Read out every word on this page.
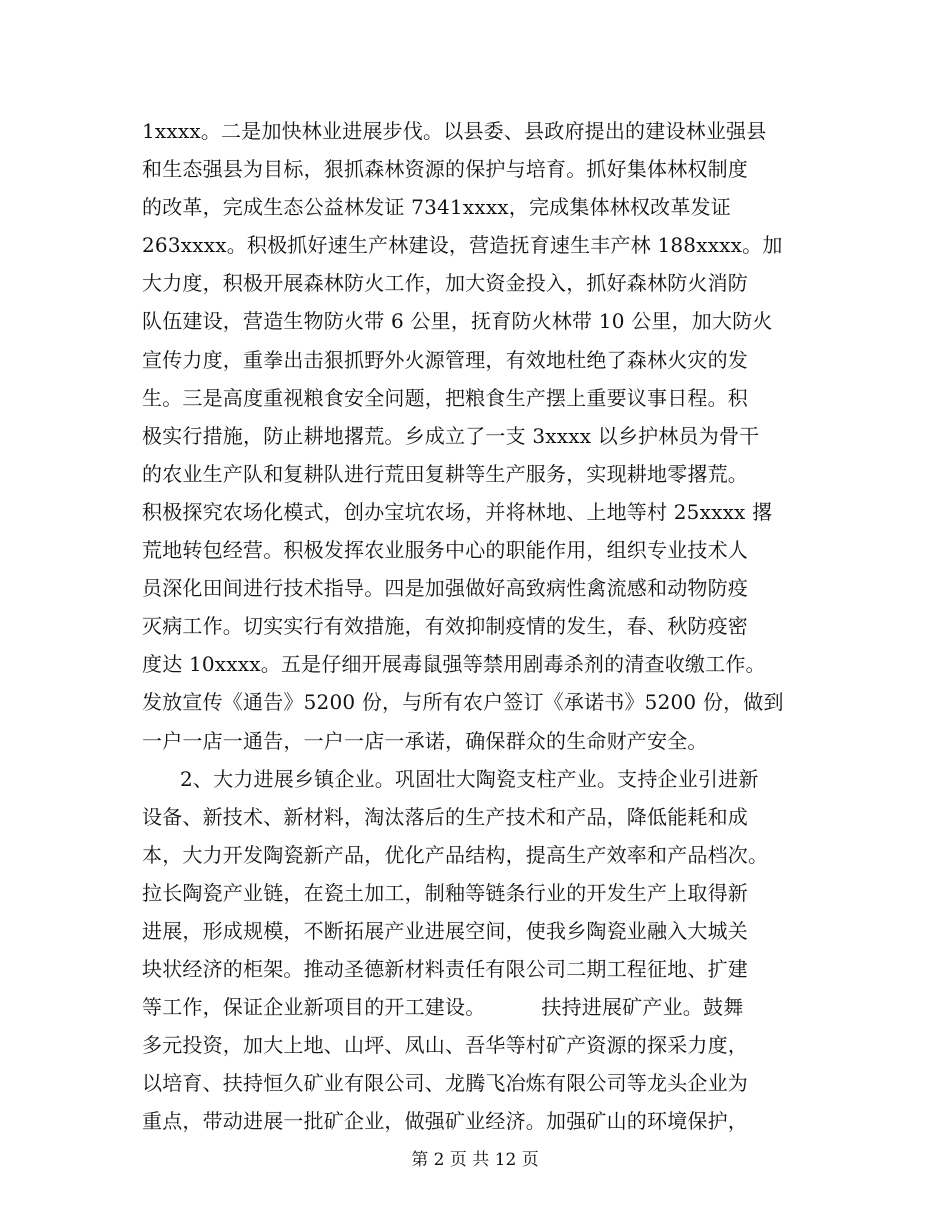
1xxxx。二是加快林业进展步伐。以县委、县政府提出的建设林业强县
和生态强县为目标，狠抓森林资源的保护与培育。抓好集体林权制度
的改革，完成生态公益林发证 7341xxxx，完成集体林权改革发证
263xxxx。积极抓好速生产林建设，营造抚育速生丰产林 188xxxx。加
大力度，积极开展森林防火工作，加大资金投入，抓好森林防火消防
队伍建设，营造生物防火带 6 公里，抚育防火林带 10 公里，加大防火
宣传力度，重拳出击狠抓野外火源管理，有效地杜绝了森林火灾的发
生。三是高度重视粮食安全问题，把粮食生产摆上重要议事日程。积
极实行措施，防止耕地撂荒。乡成立了一支 3xxxx 以乡护林员为骨干
的农业生产队和复耕队进行荒田复耕等生产服务，实现耕地零撂荒。
积极探究农场化模式，创办宝坑农场，并将林地、上地等村 25xxxx 撂
荒地转包经营。积极发挥农业服务中心的职能作用，组织专业技术人
员深化田间进行技术指导。四是加强做好高致病性禽流感和动物防疫
灭病工作。切实实行有效措施，有效抑制疫情的发生，春、秋防疫密
度达 10xxxx。五是仔细开展毒鼠强等禁用剧毒杀剂的清查收缴工作。
发放宣传《通告》5200 份，与所有农户签订《承诺书》5200 份，做到
一户一店一通告，一户一店一承诺，确保群众的生命财产安全。
2、大力进展乡镇企业。巩固壮大陶瓷支柱产业。支持企业引进新
设备、新技术、新材料，淘汰落后的生产技术和产品，降低能耗和成
本，大力开发陶瓷新产品，优化产品结构，提高生产效率和产品档次。
拉长陶瓷产业链，在瓷土加工，制釉等链条行业的开发生产上取得新
进展，形成规模，不断拓展产业进展空间，使我乡陶瓷业融入大城关
块状经济的柜架。推动圣德新材料责任有限公司二期工程征地、扩建
等工作，保证企业新项目的开工建设。	扶持进展矿产业。鼓舞
多元投资，加大上地、山坪、凤山、吾华等村矿产资源的探采力度，
以培育、扶持恒久矿业有限公司、龙腾飞冶炼有限公司等龙头企业为
重点，带动进展一批矿企业，做强矿业经济。加强矿山的环境保护，
第 2 页 共 12 页
